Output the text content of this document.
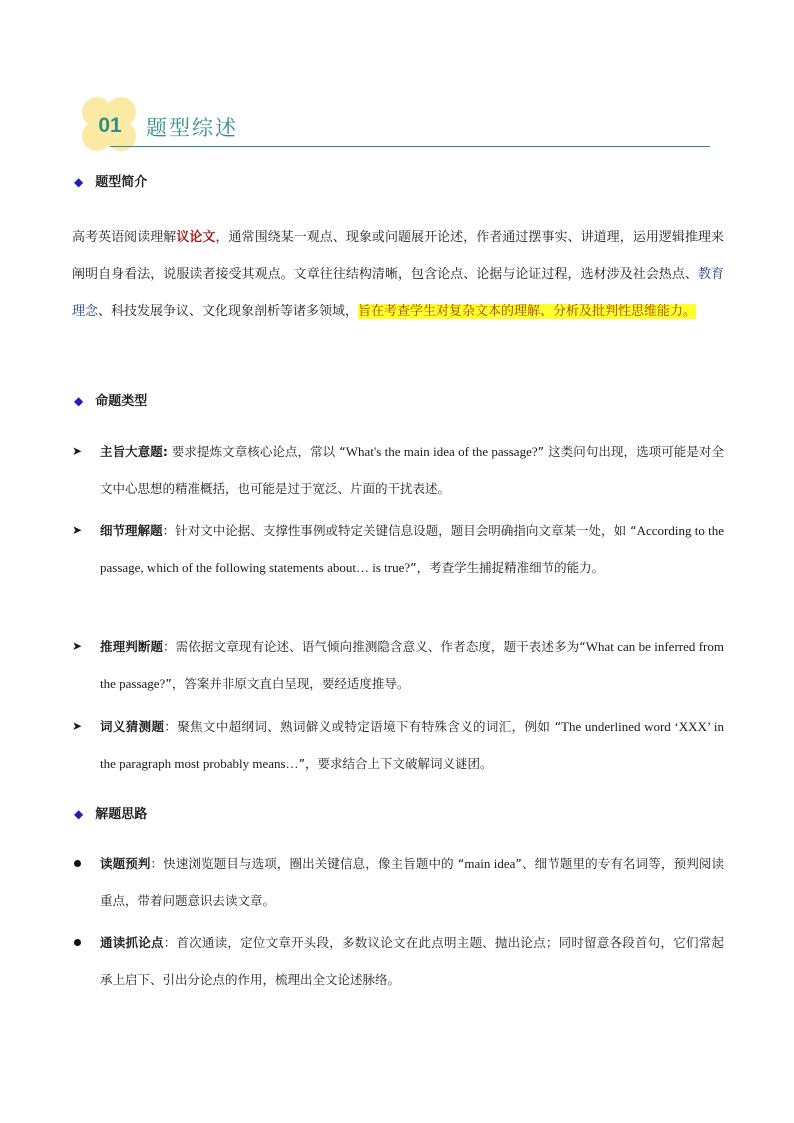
01	题型综述
◆ 题型简介
高考英语阅读理解议论文，通常围绕某一观点、现象或问题展开论述，作者通过摆事实、讲道理，运用逻辑推理来阐明自身看法，说服读者接受其观点。文章往往结构清晰，包含论点、论据与论证过程，选材涉及社会热点、教育理念、科技发展争议、文化现象剖析等诸多领域，旨在考查学生对复杂文本的理解、分析及批判性思维能力。
◆ 命题类型
➤ 主旨大意题: 要求提炼文章核心论点，常以 “What's the main idea of the passage?” 这类问句出现，选项可能是对全文中心思想的精准概括，也可能是过于宽泛、片面的干扰表述。
➤ 细节理解题：针对文中论据、支撑性事例或特定关键信息设题，题目会明确指向文章某一处，如 “According to the passage, which of the following statements about… is true?”，考查学生捕捉精准细节的能力。
➤ 推理判断题：需依据文章现有论述、语气倾向推测隐含意义、作者态度，题干表述多为“What can be inferred from the passage?”，答案并非原文直白呈现，要经适度推导。
➤ 词义猜测题：聚焦文中超纲词、熟词僻义或特定语境下有特殊含义的词汇，例如 “The underlined word ‘XXX’ in the paragraph most probably means…”，要求结合上下文破解词义谜团。
◆ 解题思路
读题预判：快速浏览题目与选项，圈出关键信息，像主旨题中的 “main idea”、细节题里的专有名词等，预判阅读重点，带着问题意识去读文章。
通读抓论点：首次通读，定位文章开头段，多数议论文在此点明主题、抛出论点；同时留意各段首句，它们常起承上启下、引出分论点的作用，梳理出全文论述脉络。
